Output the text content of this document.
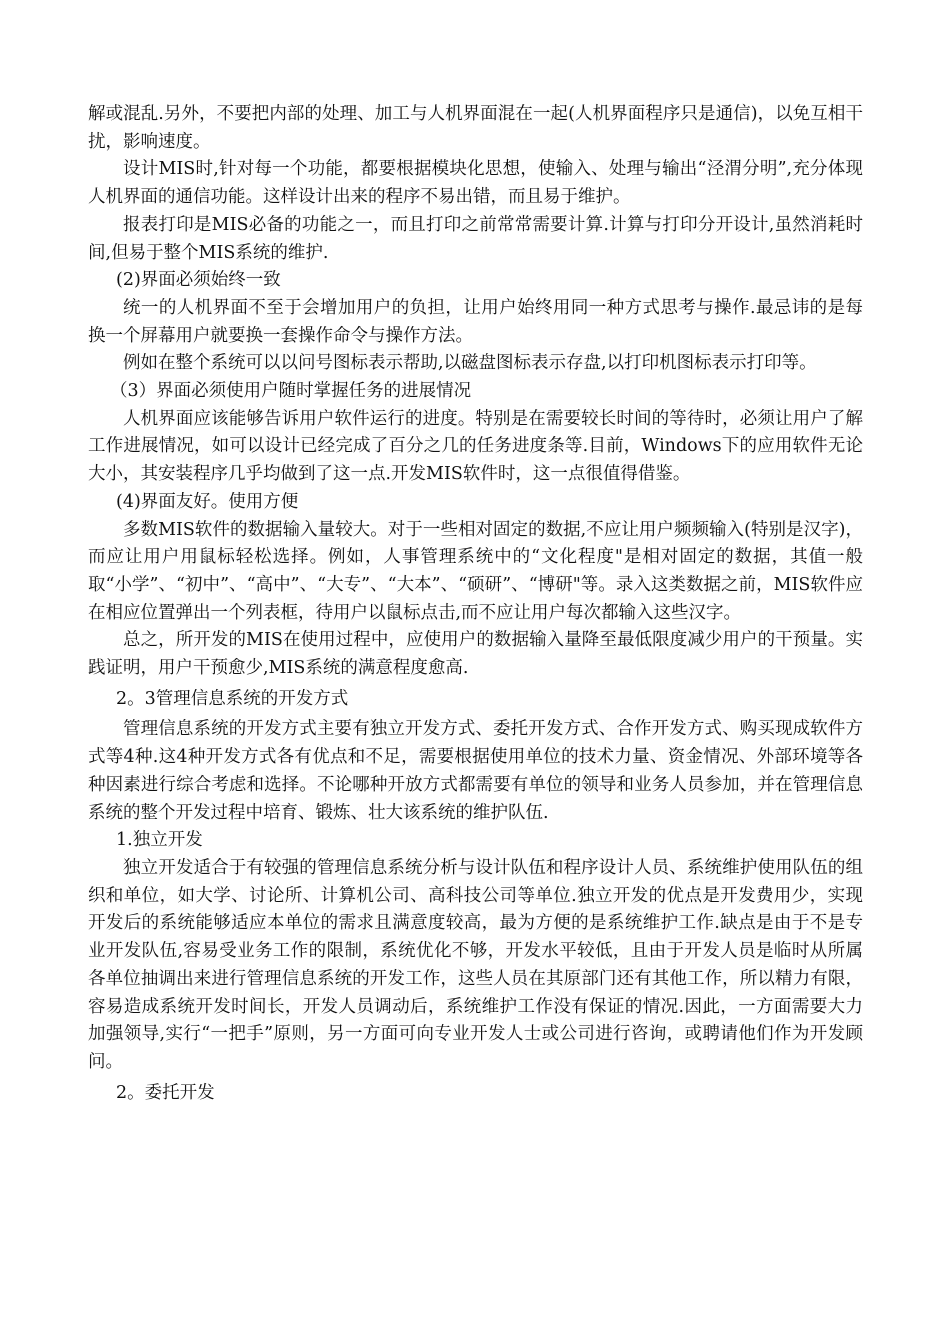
解或混乱.另外，不要把内部的处理、加工与人机界面混在一起(人机界面程序只是通信)，以免互相干扰，影响速度。

设计MIS时,针对每一个功能，都要根据模块化思想，使输入、处理与输出“泾渭分明”,充分体现人机界面的通信功能。这样设计出来的程序不易出错，而且易于维护。

报表打印是MIS必备的功能之一，而且打印之前常常需要计算.计算与打印分开设计,虽然消耗时间,但易于整个MIS系统的维护.

(2)界面必须始终一致

统一的人机界面不至于会增加用户的负担，让用户始终用同一种方式思考与操作.最忌讳的是每换一个屏幕用户就要换一套操作命令与操作方法。

例如在整个系统可以以问号图标表示帮助,以磁盘图标表示存盘,以打印机图标表示打印等。

（3）界面必须使用户随时掌握任务的进展情况

人机界面应该能够告诉用户软件运行的进度。特别是在需要较长时间的等待时，必须让用户了解工作进展情况，如可以设计已经完成了百分之几的任务进度条等.目前，Windows下的应用软件无论大小，其安装程序几乎均做到了这一点.开发MIS软件时，这一点很值得借鉴。

(4)界面友好。使用方便

多数MIS软件的数据输入量较大。对于一些相对固定的数据,不应让用户频频输入(特别是汉字)，而应让用户用鼠标轻松选择。例如，人事管理系统中的“文化程度"是相对固定的数据，其值一般取“小学”、“初中”、“高中”、“大专”、“大本”、“硕研”、“博研"等。录入这类数据之前，MIS软件应在相应位置弹出一个列表框，待用户以鼠标点击,而不应让用户每次都输入这些汉字。

总之，所开发的MIS在使用过程中，应使用户的数据输入量降至最低限度减少用户的干预量。实践证明，用户干预愈少,MIS系统的满意程度愈高.

2。3管理信息系统的开发方式

管理信息系统的开发方式主要有独立开发方式、委托开发方式、合作开发方式、购买现成软件方式等4种.这4种开发方式各有优点和不足，需要根据使用单位的技术力量、资金情况、外部环境等各种因素进行综合考虑和选择。不论哪种开放方式都需要有单位的领导和业务人员参加，并在管理信息系统的整个开发过程中培育、锻炼、壮大该系统的维护队伍.

1.独立开发

独立开发适合于有较强的管理信息系统分析与设计队伍和程序设计人员、系统维护使用队伍的组织和单位，如大学、讨论所、计算机公司、高科技公司等单位.独立开发的优点是开发费用少，实现开发后的系统能够适应本单位的需求且满意度较高，最为方便的是系统维护工作.缺点是由于不是专业开发队伍,容易受业务工作的限制，系统优化不够，开发水平较低，且由于开发人员是临时从所属各单位抽调出来进行管理信息系统的开发工作，这些人员在其原部门还有其他工作，所以精力有限，容易造成系统开发时间长，开发人员调动后，系统维护工作没有保证的情况.因此，一方面需要大力加强领导,实行“一把手”原则，另一方面可向专业开发人士或公司进行咨询，或聘请他们作为开发顾问。

2。委托开发
